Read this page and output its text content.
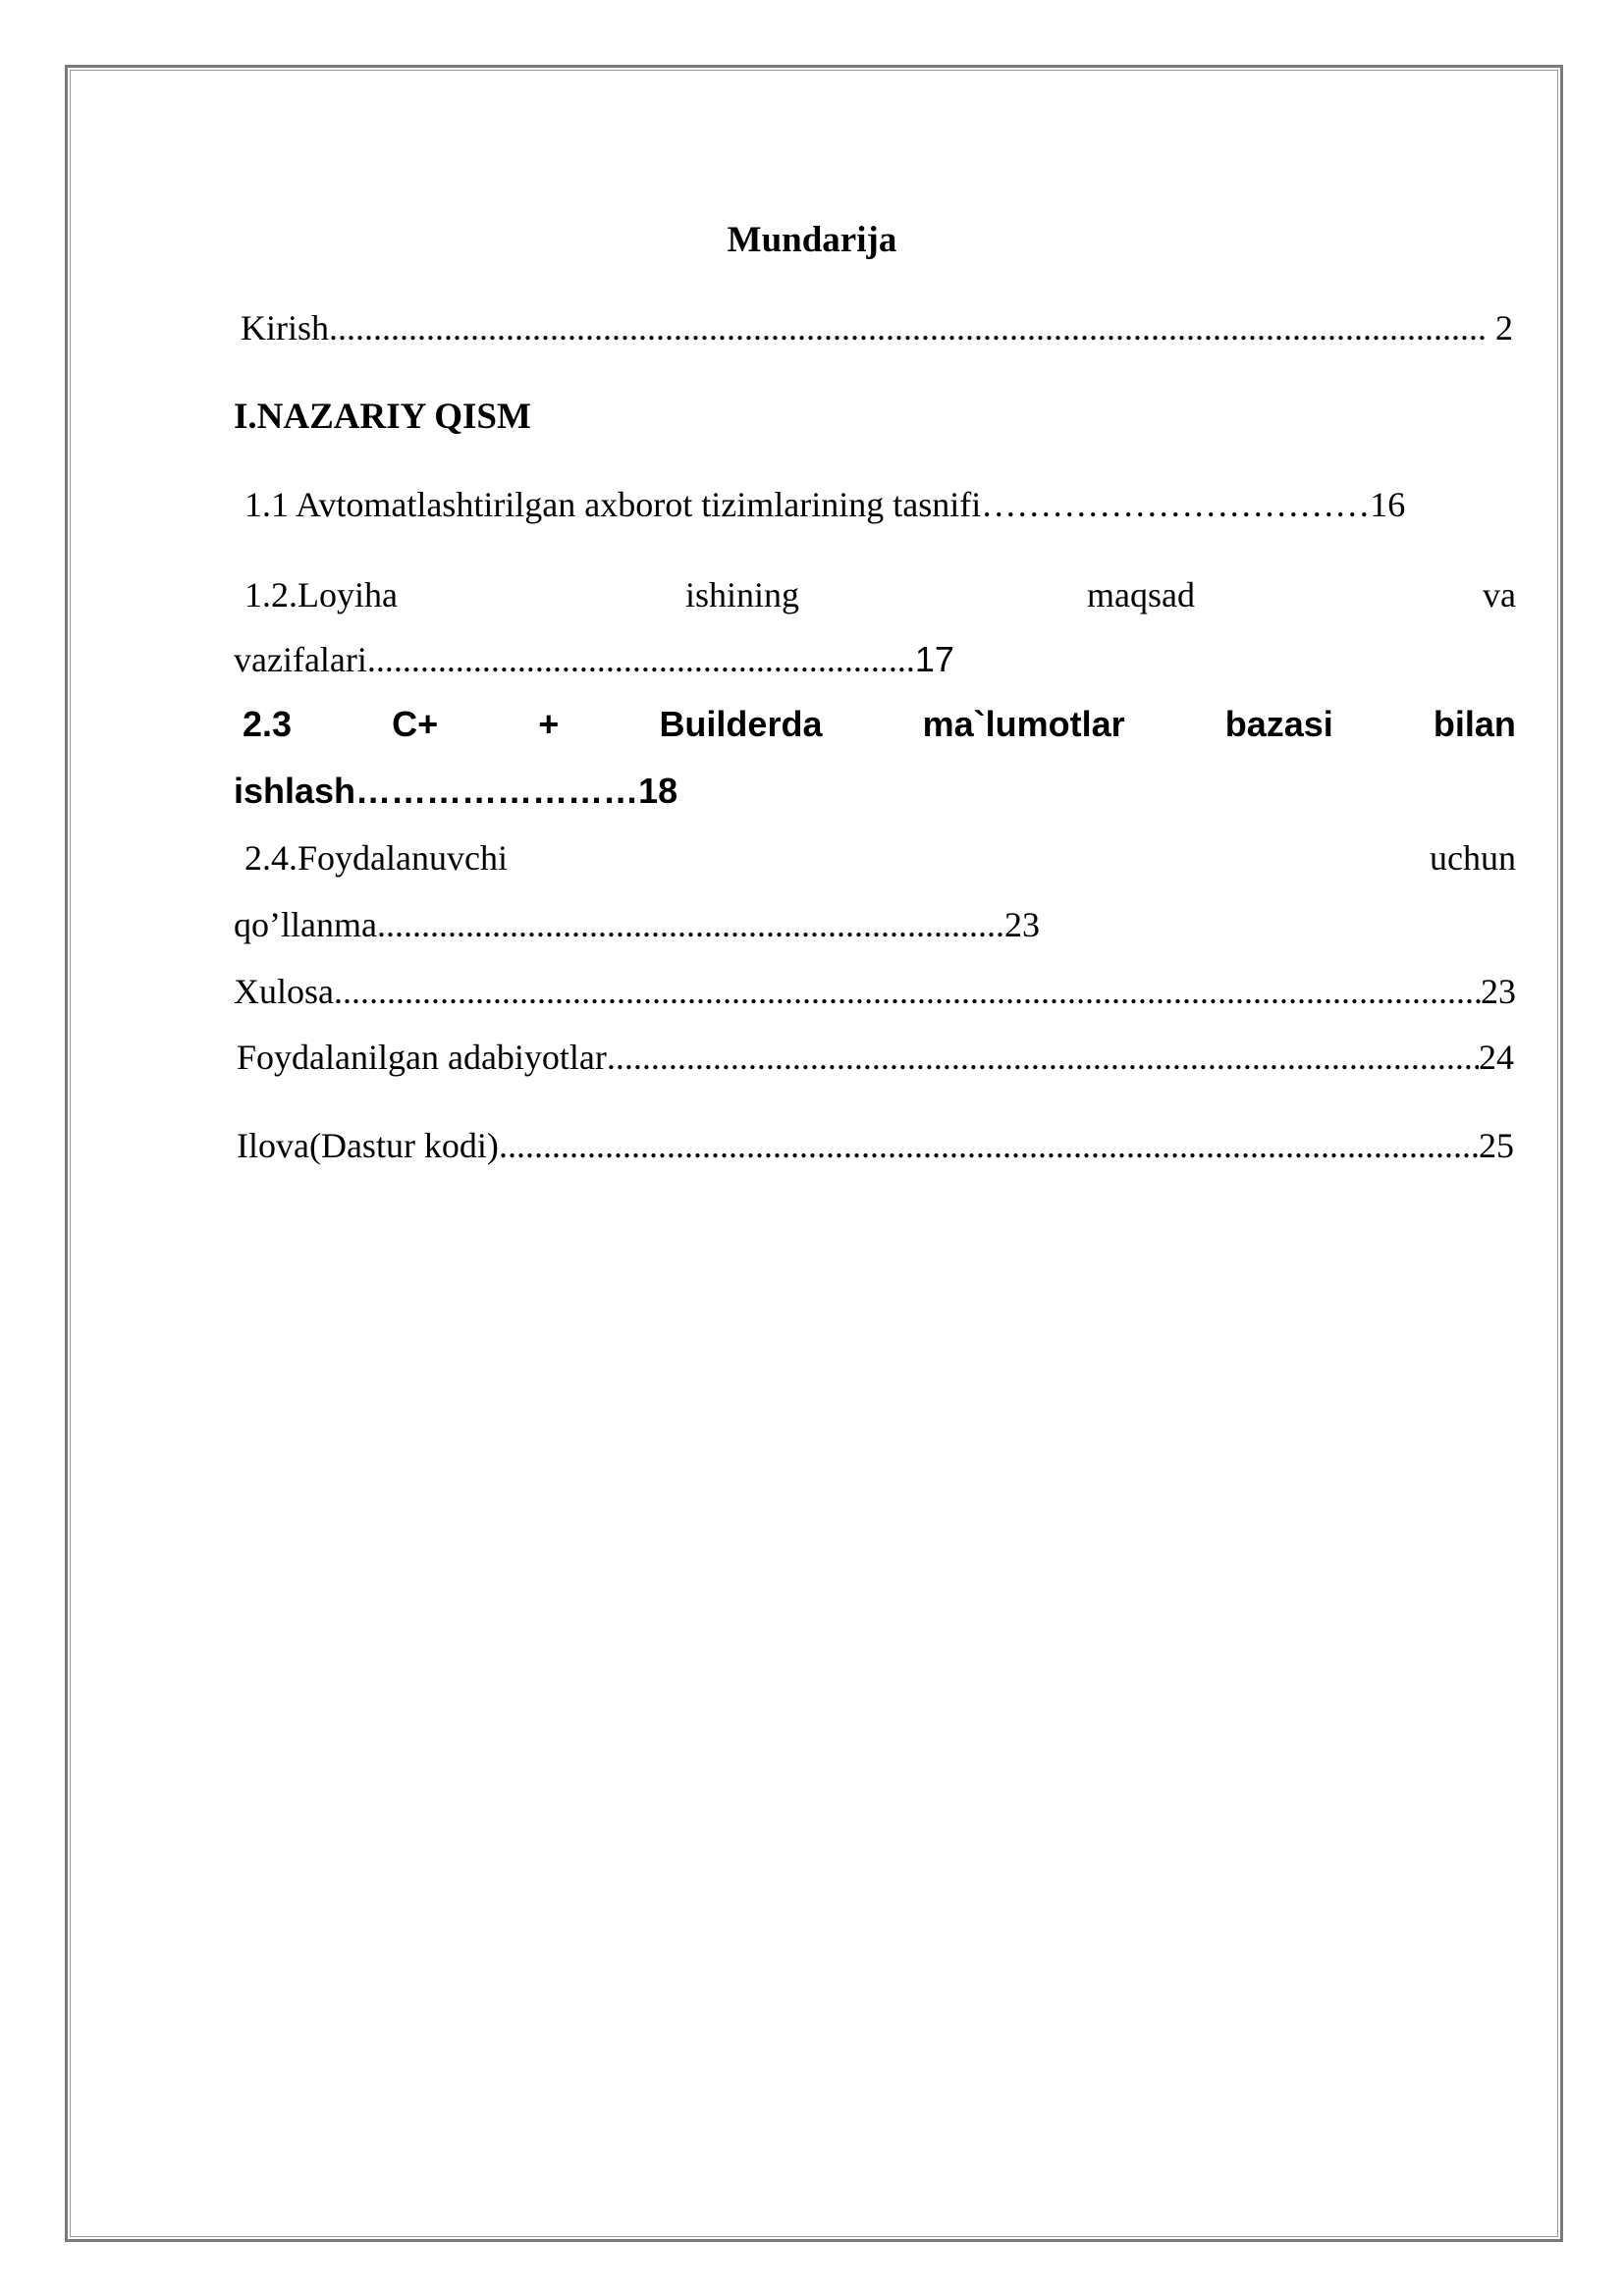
Mundarija
Kirish .....	2
I.NAZARIY QISM
1.1 Avtomatlashtirilgan axborot tizimlarining tasnifi……………………………16
1.2.Loyiha	ishining	maqsad	va
vazifalari..............................................................17
2.3	C+	+	Builderda	ma`lumotlar	bazasi	bilan
ishlash……………………18
2.4.Foydalanuvchi	uchun
qo’llanma.......................................................................23
Xulosa .....	23
Foydalanilgan adabiyotlar .....	24
Ilova(Dastur kodi) .....	25
